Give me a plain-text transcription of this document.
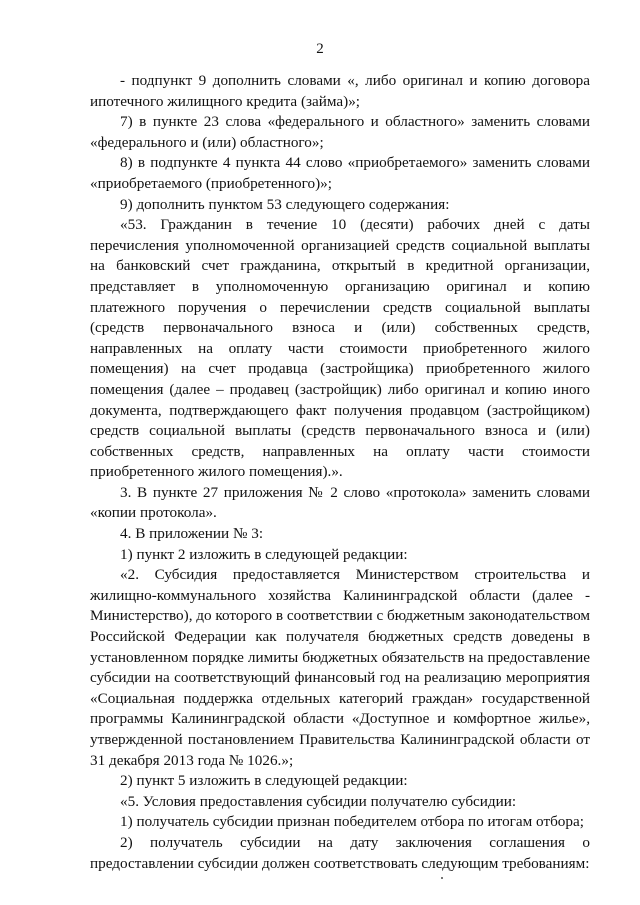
2

- подпункт 9 дополнить словами «, либо оригинал и копию договора ипотечного жилищного кредита (займа)»;

7) в пункте 23 слова «федерального и областного» заменить словами «федерального и (или) областного»;

8) в подпункте 4 пункта 44 слово «приобретаемого» заменить словами «приобретаемого (приобретенного)»;

9) дополнить пунктом 53 следующего содержания:

«53. Гражданин в течение 10 (десяти) рабочих дней с даты перечисления уполномоченной организацией средств социальной выплаты на банковский счет гражданина, открытый в кредитной организации, представляет в уполномоченную организацию оригинал и копию платежного поручения о перечислении средств социальной выплаты (средств первоначального взноса и (или) собственных средств, направленных на оплату части стоимости приобретенного жилого помещения) на счет продавца (застройщика) приобретенного жилого помещения (далее – продавец (застройщик) либо оригинал и копию иного документа, подтверждающего факт получения продавцом (застройщиком) средств социальной выплаты (средств первоначального взноса и (или) собственных средств, направленных на оплату части стоимости приобретенного жилого помещения).».

3. В пункте 27 приложения № 2 слово «протокола» заменить словами «копии протокола».

4. В приложении № 3:

1) пункт 2 изложить в следующей редакции:

«2. Субсидия предоставляется Министерством строительства и жилищно-коммунального хозяйства Калининградской области (далее - Министерство), до которого в соответствии с бюджетным законодательством Российской Федерации как получателя бюджетных средств доведены в установленном порядке лимиты бюджетных обязательств на предоставление субсидии на соответствующий финансовый год на реализацию мероприятия «Социальная поддержка отдельных категорий граждан» государственной программы Калининградской области «Доступное и комфортное жилье», утвержденной постановлением Правительства Калининградской области от 31 декабря 2013 года № 1026.»;

2) пункт 5 изложить в следующей редакции:

«5. Условия предоставления субсидии получателю субсидии:

1) получатель субсидии признан победителем отбора по итогам отбора;

2) получатель субсидии на дату заключения соглашения о предоставлении субсидии должен соответствовать следующим требованиям:
